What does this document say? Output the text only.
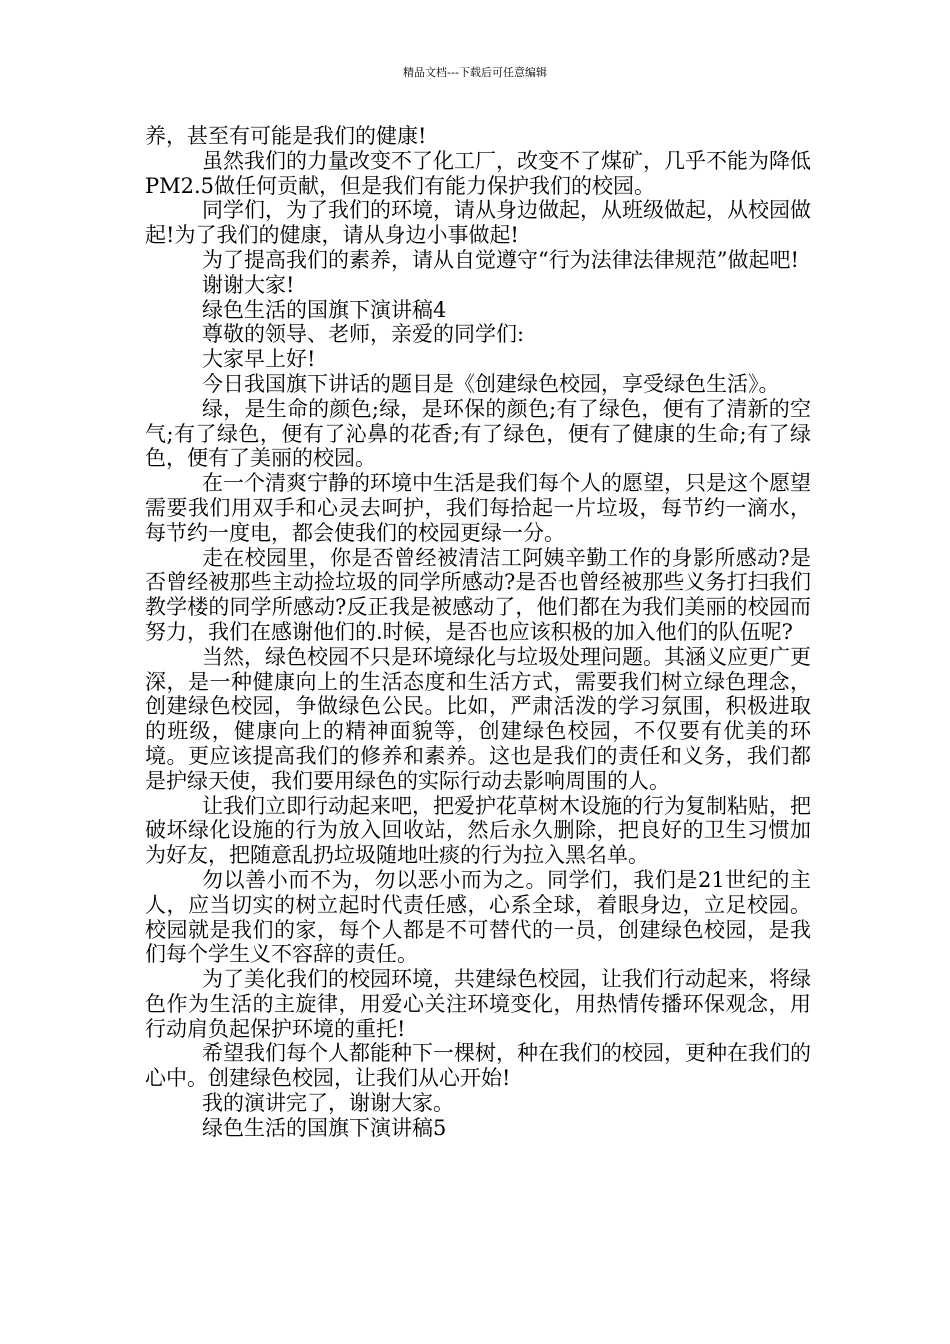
精品文档---下载后可任意编辑

养，甚至有可能是我们的健康!

虽然我们的力量改变不了化工厂，改变不了煤矿，几乎不能为降低PM2.5做任何贡献，但是我们有能力保护我们的校园。

同学们，为了我们的环境，请从身边做起，从班级做起，从校园做起!为了我们的健康，请从身边小事做起!

为了提高我们的素养，请从自觉遵守“行为法律法律规范”做起吧!

谢谢大家!

绿色生活的国旗下演讲稿4

尊敬的领导、老师，亲爱的同学们:

大家早上好!

今日我国旗下讲话的题目是《创建绿色校园，享受绿色生活》。

绿，是生命的颜色;绿，是环保的颜色;有了绿色，便有了清新的空气;有了绿色，便有了沁鼻的花香;有了绿色，便有了健康的生命;有了绿色，便有了美丽的校园。

在一个清爽宁静的环境中生活是我们每个人的愿望，只是这个愿望需要我们用双手和心灵去呵护，我们每拾起一片垃圾，每节约一滴水，每节约一度电，都会使我们的校园更绿一分。

走在校园里，你是否曾经被清洁工阿姨辛勤工作的身影所感动?是否曾经被那些主动捡垃圾的同学所感动?是否也曾经被那些义务打扫我们教学楼的同学所感动?反正我是被感动了，他们都在为我们美丽的校园而努力，我们在感谢他们的.时候，是否也应该积极的加入他们的队伍呢?

当然，绿色校园不只是环境绿化与垃圾处理问题。其涵义应更广更深，是一种健康向上的生活态度和生活方式，需要我们树立绿色理念，创建绿色校园，争做绿色公民。比如，严肃活泼的学习氛围，积极进取的班级，健康向上的精神面貌等，创建绿色校园，不仅要有优美的环境。更应该提高我们的修养和素养。这也是我们的责任和义务，我们都是护绿天使，我们要用绿色的实际行动去影响周围的人。

让我们立即行动起来吧，把爱护花草树木设施的行为复制粘贴，把破坏绿化设施的行为放入回收站，然后永久删除，把良好的卫生习惯加为好友，把随意乱扔垃圾随地吐痰的行为拉入黑名单。

勿以善小而不为，勿以恶小而为之。同学们，我们是21世纪的主人，应当切实的树立起时代责任感，心系全球，着眼身边，立足校园。校园就是我们的家，每个人都是不可替代的一员，创建绿色校园，是我们每个学生义不容辞的责任。

为了美化我们的校园环境，共建绿色校园，让我们行动起来，将绿色作为生活的主旋律，用爱心关注环境变化，用热情传播环保观念，用行动肩负起保护环境的重托!

希望我们每个人都能种下一棵树，种在我们的校园，更种在我们的心中。创建绿色校园，让我们从心开始!

我的演讲完了，谢谢大家。

绿色生活的国旗下演讲稿5
